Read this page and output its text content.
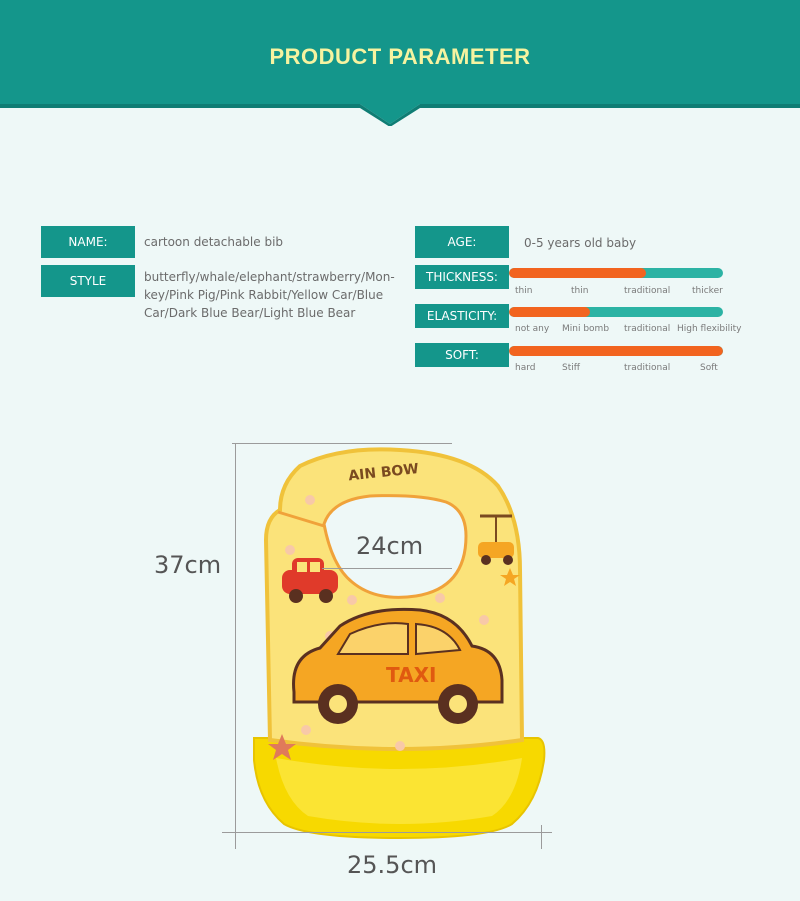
PRODUCT PARAMETER
NAME:	cartoon detachable bib
STYLE	butterfly/whale/elephant/strawberry/Mon-
key/Pink Pig/Pink Rabbit/Yellow Car/Blue
Car/Dark Blue Bear/Light Blue Bear
AGE:	0-5 years old baby
THICKNESS:
thin	thin	traditional thicker
ELASTICITY:
not any Mini bomb traditional High flexibility
SOFT:
hard	Stiff	traditional	Soft
AIN BOW
TAXI
37cm
24cm
25.5cm
